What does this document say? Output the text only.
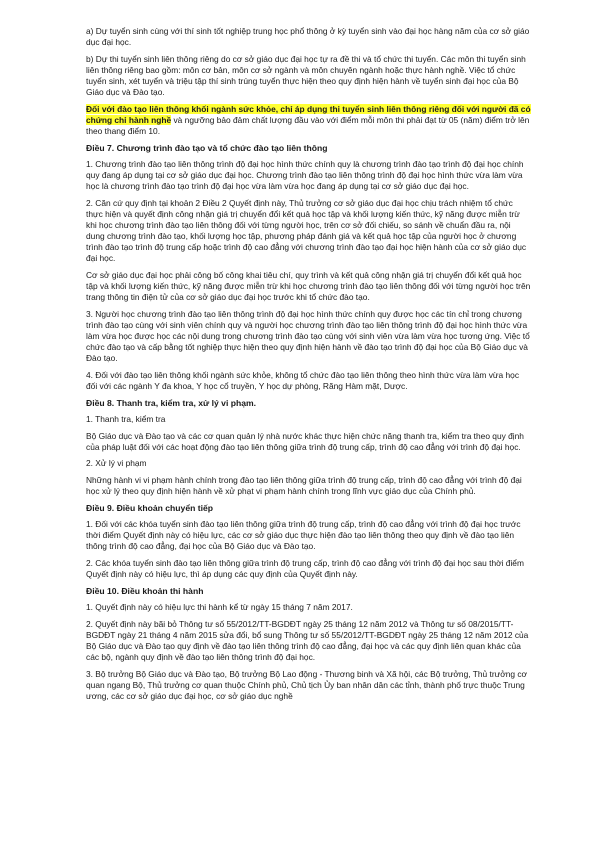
a) Dự tuyển sinh cùng với thí sinh tốt nghiệp trung học phổ thông ở kỳ tuyển sinh vào đại học hàng năm của cơ sở giáo dục đại học.

b) Dự thi tuyển sinh liên thông riêng do cơ sở giáo dục đại học tự ra đề thi và tổ chức thi tuyển. Các môn thi tuyển sinh liên thông riêng bao gồm: môn cơ bản, môn cơ sở ngành và môn chuyên ngành hoặc thực hành nghề. Việc tổ chức tuyển sinh, xét tuyển và triệu tập thí sinh trúng tuyển thực hiện theo quy định hiện hành về tuyển sinh đại học của Bộ Giáo dục và Đào tạo.

Đối với đào tạo liên thông khối ngành sức khỏe, chỉ áp dụng thi tuyển sinh liên thông riêng đối với người đã có chứng chỉ hành nghề và ngưỡng bảo đảm chất lượng đầu vào với điểm mỗi môn thi phải đạt từ 05 (năm) điểm trở lên theo thang điểm 10.

Điều 7. Chương trình đào tạo và tổ chức đào tạo liên thông

1. Chương trình đào tạo liên thông trình độ đại học hình thức chính quy là chương trình đào tạo trình độ đại học chính quy đang áp dụng tại cơ sở giáo dục đại học. Chương trình đào tạo liên thông trình độ đại học hình thức vừa làm vừa học là chương trình đào tạo trình độ đại học vừa làm vừa học đang áp dụng tại cơ sở giáo dục đại học.

2. Căn cứ quy định tại khoản 2 Điều 2 Quyết định này, Thủ trưởng cơ sở giáo dục đại học chịu trách nhiệm tổ chức thực hiện và quyết định công nhận giá trị chuyển đổi kết quả học tập và khối lượng kiến thức, kỹ năng được miễn trừ khi học chương trình đào tạo liên thông đối với từng người học, trên cơ sở đối chiếu, so sánh về chuẩn đầu ra, nội dung chương trình đào tạo, khối lượng học tập, phương pháp đánh giá và kết quả học tập của người học ở chương trình đào tạo trình độ trung cấp hoặc trình độ cao đẳng với chương trình đào tạo đại học hiện hành của cơ sở giáo dục đại học.

Cơ sở giáo dục đại học phải công bố công khai tiêu chí, quy trình và kết quả công nhận giá trị chuyển đổi kết quả học tập và khối lượng kiến thức, kỹ năng được miễn trừ khi học chương trình đào tạo liên thông đối với từng người học trên trang thông tin điện tử của cơ sở giáo dục đại học trước khi tổ chức đào tạo.

3. Người học chương trình đào tạo liên thông trình độ đại học hình thức chính quy được học các tín chỉ trong chương trình đào tạo cùng với sinh viên chính quy và người học chương trình đào tạo liên thông trình độ đại học hình thức vừa làm vừa học được học các nội dung trong chương trình đào tạo cùng với sinh viên vừa làm vừa học tương ứng. Việc tổ chức đào tạo và cấp bằng tốt nghiệp thực hiện theo quy định hiện hành về đào tạo trình độ đại học của Bộ Giáo dục và Đào tạo.

4. Đối với đào tạo liên thông khối ngành sức khỏe, không tổ chức đào tạo liên thông theo hình thức vừa làm vừa học đối với các ngành Y đa khoa, Y học cổ truyền, Y học dự phòng, Răng Hàm mặt, Dược.

Điều 8. Thanh tra, kiểm tra, xử lý vi phạm.

1. Thanh tra, kiểm tra

Bộ Giáo dục và Đào tạo và các cơ quan quản lý nhà nước khác thực hiện chức năng thanh tra, kiểm tra theo quy định của pháp luật đối với các hoạt động đào tạo liên thông giữa trình độ trung cấp, trình độ cao đẳng với trình độ đại học.

2. Xử lý vi phạm

Những hành vi vi phạm hành chính trong đào tạo liên thông giữa trình độ trung cấp, trình độ cao đẳng với trình độ đại học xử lý theo quy định hiện hành về xử phạt vi phạm hành chính trong lĩnh vực giáo dục của Chính phủ.

Điều 9. Điều khoản chuyển tiếp

1. Đối với các khóa tuyển sinh đào tạo liên thông giữa trình độ trung cấp, trình độ cao đẳng với trình độ đại học trước thời điểm Quyết định này có hiệu lực, các cơ sở giáo dục thực hiện đào tạo liên thông theo quy định về đào tạo liên thông trình độ cao đẳng, đại học của Bộ Giáo dục và Đào tạo.

2. Các khóa tuyển sinh đào tạo liên thông giữa trình độ trung cấp, trình độ cao đẳng với trình độ đại học sau thời điểm Quyết định này có hiệu lực, thì áp dụng các quy định của Quyết định này.

Điều 10. Điều khoản thi hành

1. Quyết định này có hiệu lực thi hành kể từ ngày 15 tháng 7 năm 2017.

2. Quyết định này bãi bỏ Thông tư số 55/2012/TT-BGDĐT ngày 25 tháng 12 năm 2012 và Thông tư số 08/2015/TT-BGDĐT ngày 21 tháng 4 năm 2015 sửa đổi, bổ sung Thông tư số 55/2012/TT-BGDĐT ngày 25 tháng 12 năm 2012 của Bộ Giáo dục và Đào tạo quy định về đào tạo liên thông trình độ cao đẳng, đại học và các quy định liên quan khác của các bộ, ngành quy định về đào tạo liên thông trình độ đại học.

3. Bộ trưởng Bộ Giáo dục và Đào tạo, Bộ trưởng Bộ Lao động - Thương binh và Xã hội, các Bộ trưởng, Thủ trưởng cơ quan ngang Bộ, Thủ trưởng cơ quan thuộc Chính phủ, Chủ tịch Ủy ban nhân dân các tỉnh, thành phố trực thuộc Trung ương, các cơ sở giáo dục đại học, cơ sở giáo dục nghề
